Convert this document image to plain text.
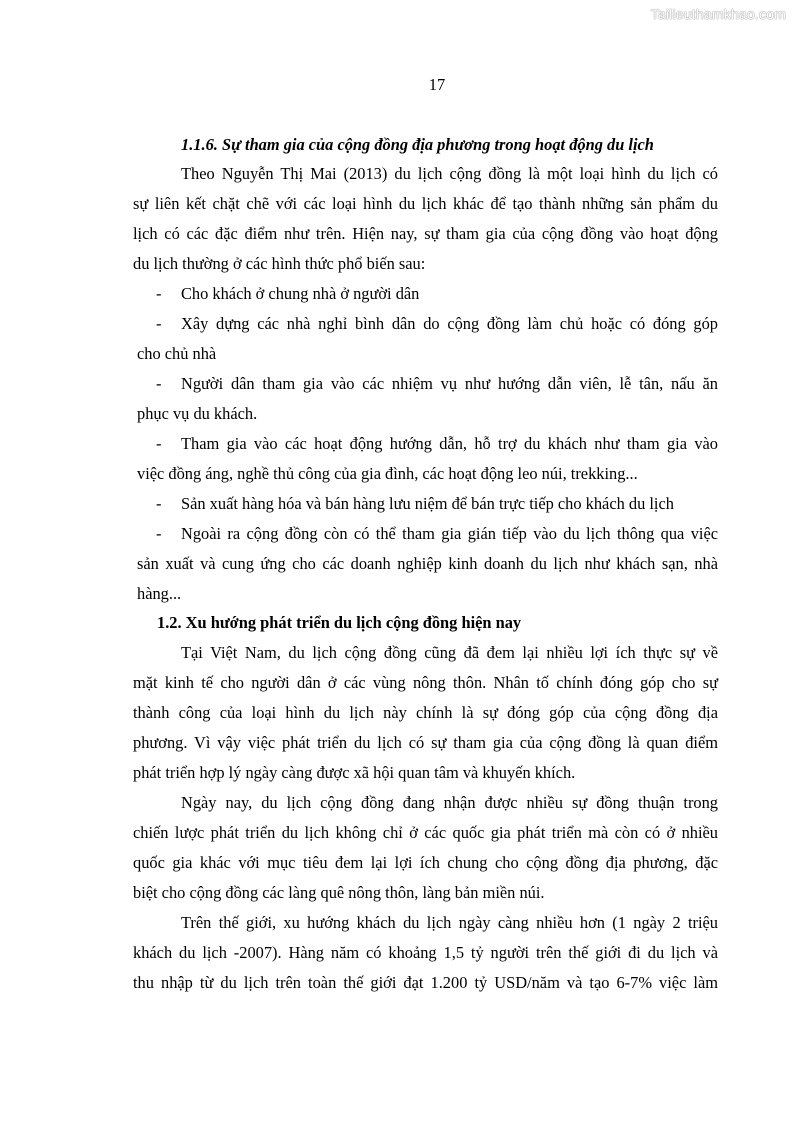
Tailieuthamkhao.com
17
1.1.6. Sự tham gia của cộng đồng địa phương trong hoạt động du lịch
Theo Nguyễn Thị Mai (2013) du lịch cộng đồng là một loại hình du lịch có
sự liên kết chặt chẽ với các loại hình du lịch khác để tạo thành những sản phẩm du
lịch có các đặc điểm như trên. Hiện nay, sự tham gia của cộng đồng vào hoạt động
du lịch thường ở các hình thức phổ biến sau:
- Cho khách ở chung nhà ở người dân
- Xây dựng các nhà nghỉ bình dân do cộng đồng làm chủ hoặc có đóng góp
cho chủ nhà
- Người dân tham gia vào các nhiệm vụ như hướng dẫn viên, lễ tân, nấu ăn
phục vụ du khách.
- Tham gia vào các hoạt động hướng dẫn, hỗ trợ du khách như tham gia vào
việc đồng áng, nghề thủ công của gia đình, các hoạt động leo núi, trekking...
- Sản xuất hàng hóa và bán hàng lưu niệm để bán trực tiếp cho khách du lịch
- Ngoài ra cộng đồng còn có thể tham gia gián tiếp vào du lịch thông qua việc
sản xuất và cung ứng cho các doanh nghiệp kinh doanh du lịch như khách sạn, nhà
hàng...
1.2. Xu hướng phát triển du lịch cộng đồng hiện nay
Tại Việt Nam, du lịch cộng đồng cũng đã đem lại nhiều lợi ích thực sự về
mặt kinh tế cho người dân ở các vùng nông thôn. Nhân tố chính đóng góp cho sự
thành công của loại hình du lịch này chính là sự đóng góp của cộng đồng địa
phương. Vì vậy việc phát triển du lịch có sự tham gia của cộng đồng là quan điểm
phát triển hợp lý ngày càng được xã hội quan tâm và khuyến khích.
Ngày nay, du lịch cộng đồng đang nhận được nhiều sự đồng thuận trong
chiến lược phát triển du lịch không chỉ ở các quốc gia phát triển mà còn có ở nhiều
quốc gia khác với mục tiêu đem lại lợi ích chung cho cộng đồng địa phương, đặc
biệt cho cộng đồng các làng quê nông thôn, làng bản miền núi.
Trên thế giới, xu hướng khách du lịch ngày càng nhiều hơn (1 ngày 2 triệu
khách du lịch -2007). Hàng năm có khoảng 1,5 tỷ người trên thế giới đi du lịch và
thu nhập từ du lịch trên toàn thế giới đạt 1.200 tỷ USD/năm và tạo 6-7% việc làm
